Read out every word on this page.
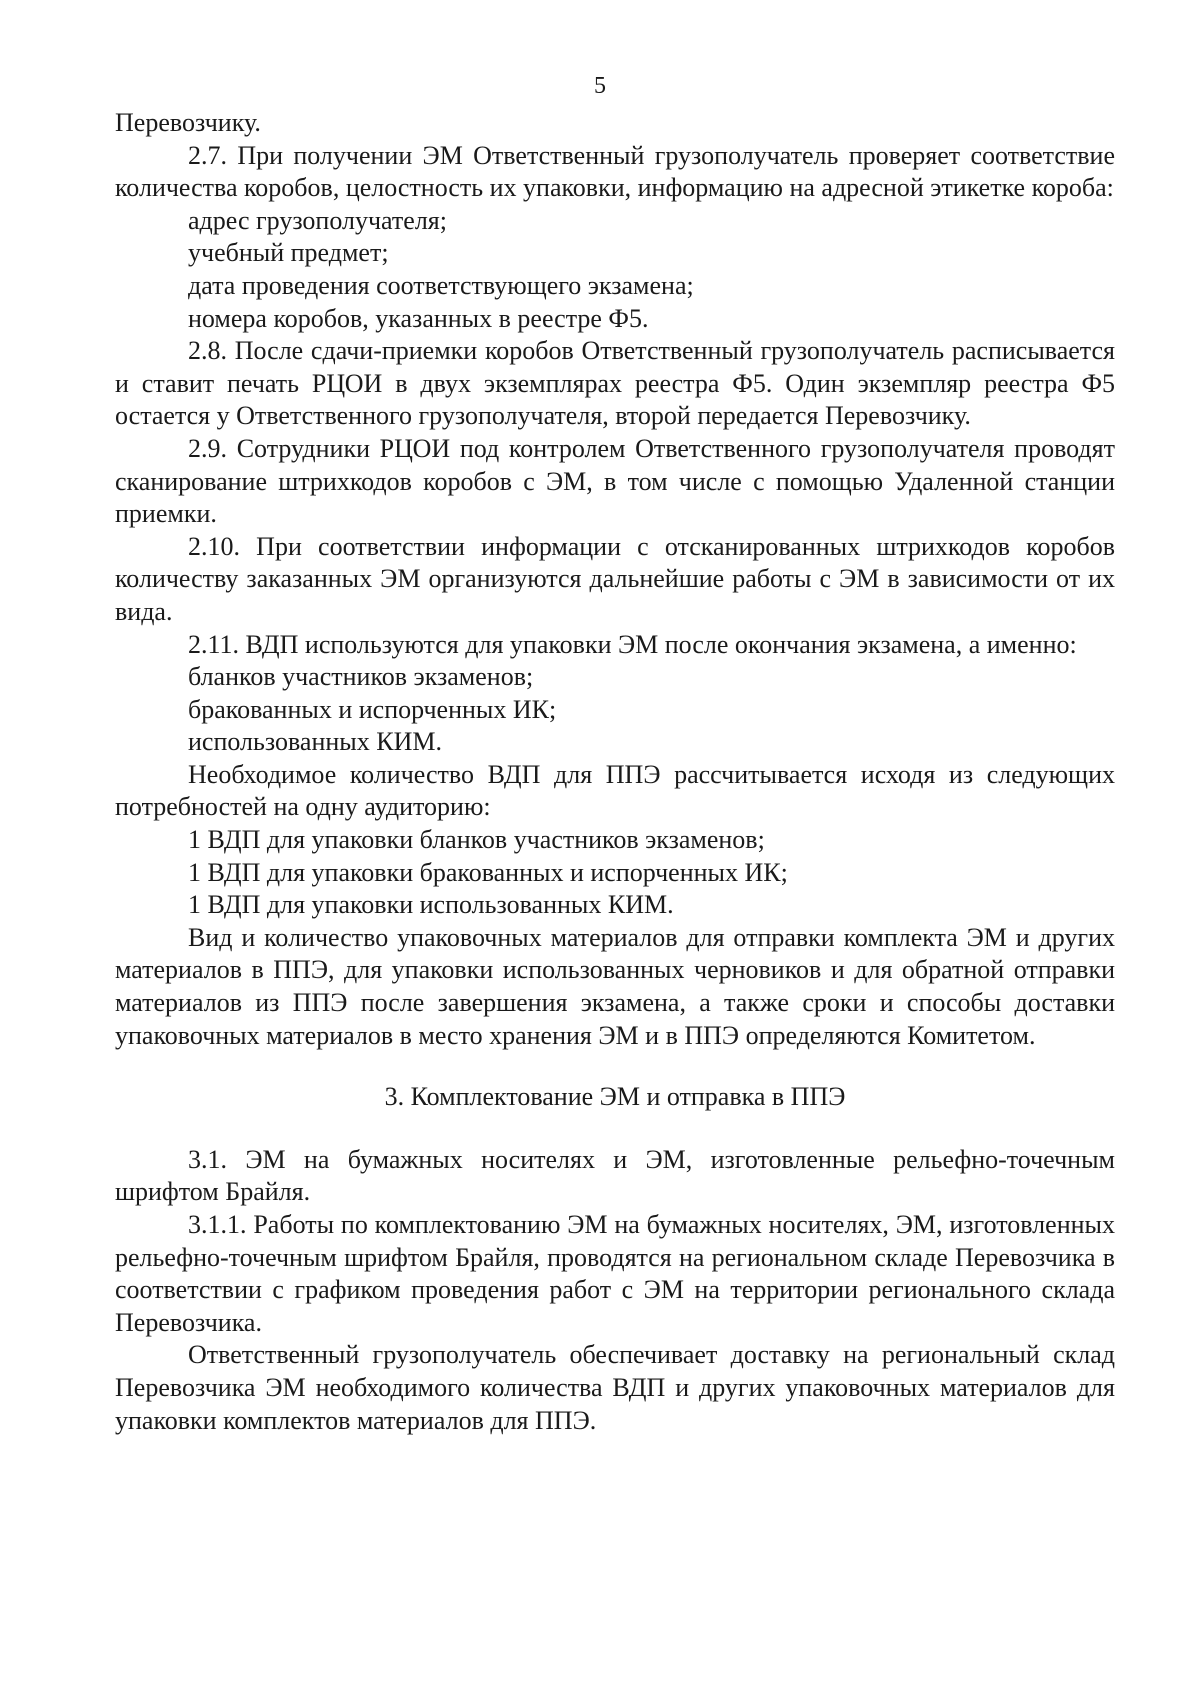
5

Перевозчику.

2.7. При получении ЭМ Ответственный грузополучатель проверяет соответствие количества коробов, целостность их упаковки, информацию на адресной этикетке короба:

адрес грузополучателя;

учебный предмет;

дата проведения соответствующего экзамена;

номера коробов, указанных в реестре Ф5.

2.8. После сдачи-приемки коробов Ответственный грузополучатель расписывается и ставит печать РЦОИ в двух экземплярах реестра Ф5. Один экземпляр реестра Ф5 остается у Ответственного грузополучателя, второй передается Перевозчику.

2.9. Сотрудники РЦОИ под контролем Ответственного грузополучателя проводят сканирование штрихкодов коробов с ЭМ, в том числе с помощью Удаленной станции приемки.

2.10. При соответствии информации с отсканированных штрихкодов коробов количеству заказанных ЭМ организуются дальнейшие работы с ЭМ в зависимости от их вида.

2.11. ВДП используются для упаковки ЭМ после окончания экзамена, а именно:

бланков участников экзаменов;

бракованных и испорченных ИК;

использованных КИМ.

Необходимое количество ВДП для ППЭ рассчитывается исходя из следующих потребностей на одну аудиторию:

1 ВДП для упаковки бланков участников экзаменов;

1 ВДП для упаковки бракованных и испорченных ИК;

1 ВДП для упаковки использованных КИМ.

Вид и количество упаковочных материалов для отправки комплекта ЭМ и других материалов в ППЭ, для упаковки использованных черновиков и для обратной отправки материалов из ППЭ после завершения экзамена, а также сроки и способы доставки упаковочных материалов в место хранения ЭМ и в ППЭ определяются Комитетом.

3. Комплектование ЭМ и отправка в ППЭ

3.1. ЭМ на бумажных носителях и ЭМ, изготовленные рельефно-точечным шрифтом Брайля.

3.1.1. Работы по комплектованию ЭМ на бумажных носителях, ЭМ, изготовленных рельефно-точечным шрифтом Брайля, проводятся на региональном складе Перевозчика в соответствии с графиком проведения работ с ЭМ на территории регионального склада Перевозчика.

Ответственный грузополучатель обеспечивает доставку на региональный склад Перевозчика ЭМ необходимого количества ВДП и других упаковочных материалов для упаковки комплектов материалов для ППЭ.
